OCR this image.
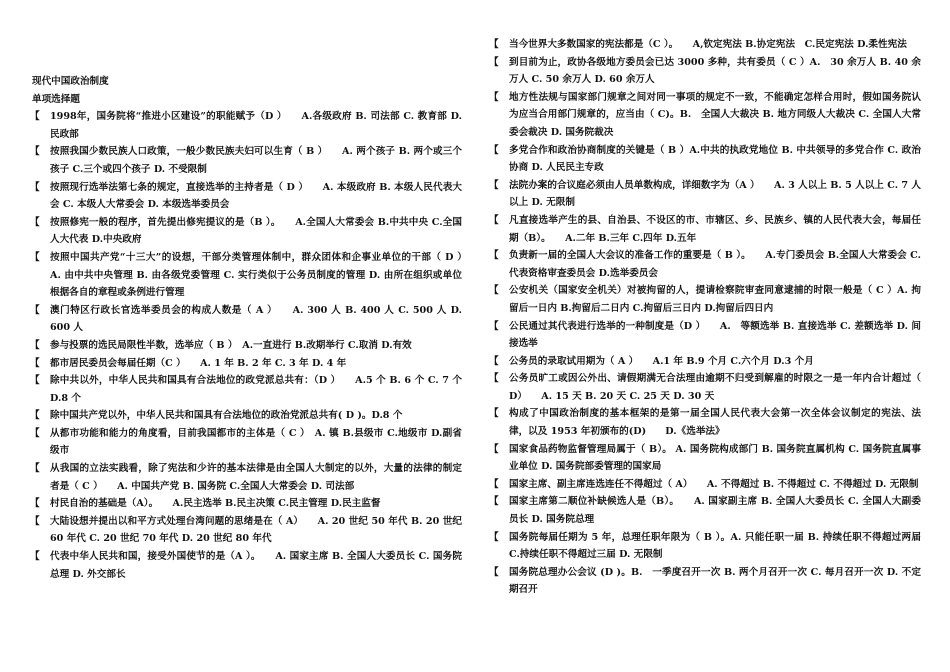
现代中国政治制度
单项选择题
【	1998年，国务院将“推进小区建设”的职能赋予（D ）　　A.各级政府 B. 司法部 C. 教育部 D. 民政部
【	按照我国少数民族人口政策，一般少数民族夫妇可以生育（ B ）　　A. 两个孩子 B. 两个或三个孩子 C.三个或四个孩子 D. 不受限制
【	按照现行选举法第七条的规定，直接选举的主持者是（ D ）　　A. 本级政府 B. 本级人民代表大会 C. 本级人大常委会 D. 本级选举委员会
【	按照修宪一般的程序，首先提出修宪提议的是（B ）。　　A.全国人大常委会 B.中共中央 C.全国人大代表 D.中央政府
【	按照中国共产党“十三大”的设想，干部分类管理体制中，群众团体和企事业单位的干部（ D ）　　A. 由中共中央管理 B. 由各级党委管理 C. 实行类似于公务员制度的管理 D. 由所在组织或单位根据各自的章程或条例进行管理
【	澳门特区行政长官选举委员会的构成人数是（ A ）　　A. 300 人 B. 400 人 C. 500 人 D. 600 人
【	参与投票的选民局限性半数，选举应（ B ）　A.一直进行 B.改期举行 C.取消 D.有效
【	都市居民委员会每届任期（C ）　　A. 1 年 B. 2 年 C. 3 年 D. 4 年
【	除中共以外，中华人民共和国具有合法地位的政党派总共有：（D ）　　A.5 个 B. 6 个 C. 7 个 D.8 个
【	除中国共产党以外，中华人民共和国具有合法地位的政治党派总共有( D )。D.8 个
【	从都市功能和能力的角度看，目前我国都市的主体是（ C ）　A. 镇 B.县级市 C.地级市 D.副省级市
【	从我国的立法实践看，除了宪法和少许的基本法律是由全国人大制定的以外，大量的法律的制定者是（ C ）　　A. 中国共产党 B. 国务院 C.全国人大常委会 D. 司法部
【	村民自治的基础是（A）。　　A.民主选举 B.民主决策 C.民主管理 D.民主监督
【	大陆设想并提出以和平方式处理台湾问题的思绪是在（ A）　　A. 20 世纪 50 年代 B. 20 世纪 60 年代 C. 20 世纪 70 年代 D. 20 世纪 80 年代
【	代表中华人民共和国，接受外国使节的是（A ）。　　A. 国家主席 B. 全国人大委员长 C. 国务院总理 D. 外交部长
【	当今世界大多数国家的宪法都是（C ）。　　A,钦定宪法 B.协定宪法　C.民定宪法 D.柔性宪法
【	到目前为止，政协各级地方委员会已达 3000 多种，共有委员（ C ）A.　30 余万人 B. 40 余万人 C. 50 余万人 D. 60 余万人
【	地方性法规与国家部门规章之间对同一事项的规定不一致，不能确定怎样合用时，假如国务院认为应当合用部门规章的，应当由（ C)。B.　全国人大裁决 B. 地方同级人大裁决 C. 全国人大常委会裁决 D. 国务院裁决
【	多党合作和政治协商制度的关键是（ B ）A.中共的执政党地位 B. 中共领导的多党合作 C. 政治协商 D. 人民民主专政
【	法院办案的合议庭必须由人员单数构成，详细数字为（A ）　　A. 3 人以上 B. 5 人以上 C. 7 人以上 D. 无限制
【	凡直接选举产生的县、自治县、不设区的市、市辖区、乡、民族乡、镇的人民代表大会，每届任期（B）。　　A.二年 B.三年 C.四年 D.五年
【	负责新一届的全国人大会议的准备工作的重要是（ B ）。　　A.专门委员会 B.全国人大常委会 C.代表资格审查委员会 D.选举委员会
【	公安机关（国家安全机关）对被拘留的人，提请检察院审查同意逮捕的时限一般是（ C ）A. 拘留后一日内 B.拘留后二日内 C.拘留后三日内 D.拘留后四日内
【	公民通过其代表进行选举的一种制度是（D ）　　A.　等额选举 B. 直接选举 C. 差额选举 D. 间接选举
【	公务员的录取试用期为（ A ）　　A.1 年 B.9 个月 C.六个月 D.3 个月
【	公务员旷工或因公外出、请假期满无合法理由逾期不归受到解雇的时限之一是一年内合计超过（ D）　　A. 15 天 B. 20 天 C. 25 天 D. 30 天
【	构成了中国政治制度的基本框架的是第一届全国人民代表大会第一次全体会议制定的宪法、法律，以及 1953 年初颁布的(D)　　D.《选举法》
【	国家食品药物监督管理局属于（ B）。 A. 国务院构成部门 B. 国务院直属机构 C. 国务院直属事业单位 D. 国务院部委管理的国家局
【	国家主席、副主席连选连任不得超过（ A）　　A. 不得超过 B. 不得超过 C. 不得超过 D. 无限制
【	国家主席第二顺位补缺候选人是（B）。　　A. 国家副主席 B. 全国人大委员长 C. 全国人大副委员长 D. 国务院总理
【	国务院每届任期为 5 年，总理任职年限为（ B ）。A. 只能任职一届 B. 持续任职不得超过两届 C.持续任职不得超过三届 D. 无限制
【	国务院总理办公会议 (D )。B.　一季度召开一次 B. 两个月召开一次 C. 每月召开一次 D. 不定期召开
